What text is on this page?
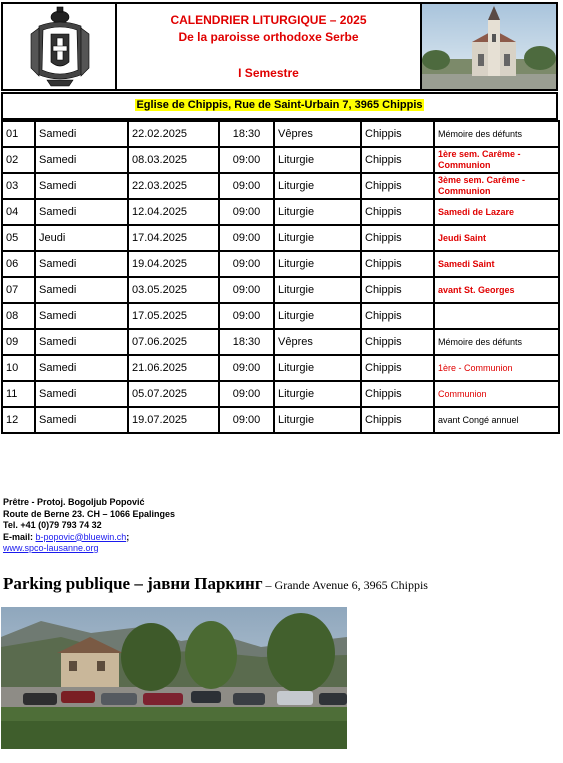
CALENDRIER LITURGIQUE – 2025
De la paroisse orthodoxe Serbe
I Semestre
Eglise de Chippis, Rue de Saint-Urbain 7, 3965 Chippis
01	Samedi	22.02.2025	18:30	Vêpres	Chippis	Mémoire des défunts
02	Samedi	08.03.2025	09:00	Liturgie	Chippis	1ère sem. Carême - Communion
03	Samedi	22.03.2025	09:00	Liturgie	Chippis	3ème sem. Carême - Communion
04	Samedi	12.04.2025	09:00	Liturgie	Chippis	Samedi de Lazare
05	Jeudi	17.04.2025	09:00	Liturgie	Chippis	Jeudi Saint
06	Samedi	19.04.2025	09:00	Liturgie	Chippis	Samedi Saint
07	Samedi	03.05.2025	09:00	Liturgie	Chippis	avant St. Georges
08	Samedi	17.05.2025	09:00	Liturgie	Chippis	
09	Samedi	07.06.2025	18:30	Vêpres	Chippis	Mémoire des défunts
10	Samedi	21.06.2025	09:00	Liturgie	Chippis	1ère - Communion
11	Samedi	05.07.2025	09:00	Liturgie	Chippis	Communion
12	Samedi	19.07.2025	09:00	Liturgie	Chippis	avant Congé annuel
Prêtre - Protoj. Bogoljub Popović
Route de Berne 23. CH – 1066 Epalinges
Tel. +41 (0)79 793 74 32
E-mail: b-popovic@bluewin.ch;
www.spco-lausanne.org
Parking publique – јавни Паркинг – Grande Avenue 6, 3965 Chippis
